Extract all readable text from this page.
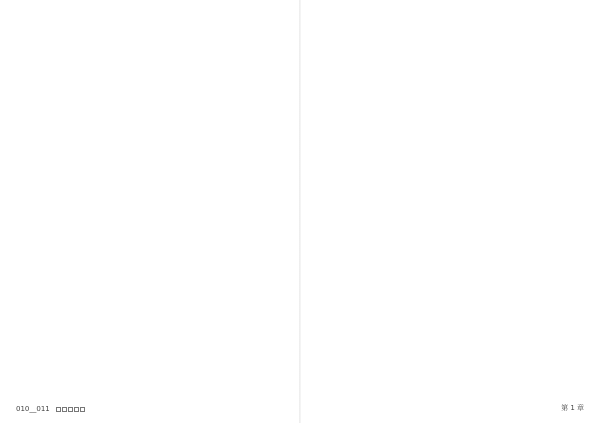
010__011	第 1 章
